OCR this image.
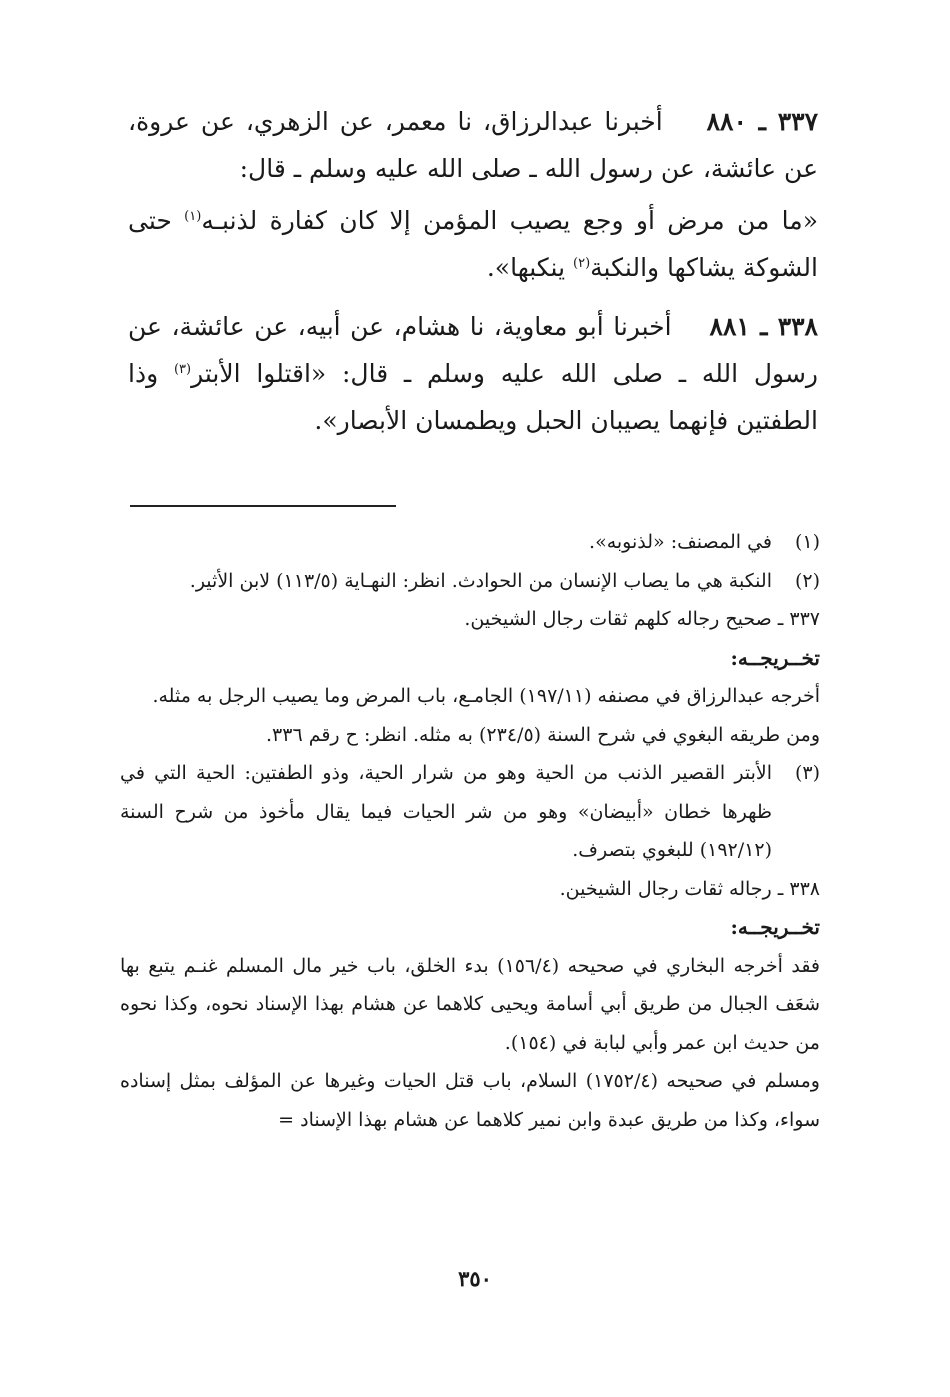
٣٣٧ ـ ٨٨٠    أخبرنا عبدالرزاق، نا معمر، عن الزهري، عن عروة، عن عائشة، عن رسول الله ـ صلى الله عليه وسلم ـ قال:

«ما من مرض أو وجع يصيب المؤمن إلا كان كفارة لذنبـه$^{(١)}$ حتى الشوكة يشاكها والنكبة$^{(٢)}$ ينكبها».

٣٣٨ ـ ٨٨١    أخبرنا أبو معاوية، نا هشام، عن أبيه، عن عائشة، عن رسول الله ـ صلى الله عليه وسلم ـ قال: «اقتلوا الأبتر$^{(٣)}$ وذا الطفتين فإنهما يصيبان الحبل ويطمسان الأبصار».

(١)
في المصنف: «لذنوبه».
(٢)
النكبة هي ما يصاب الإنسان من الحوادث. انظر: النهـاية (١١٣/٥) لابن الأثير.
٣٣٧ ـ صحيح رجاله كلهم ثقات رجال الشيخين.
تخــريجــه:
أخرجه عبدالرزاق في مصنفه (١٩٧/١١) الجامـع، باب المرض وما يصيب الرجل به مثله.
ومن طريقه البغوي في شرح السنة (٢٣٤/٥) به مثله. انظر: ح رقم ٣٣٦.
(٣)
الأبتر القصير الذنب من الحية وهو من شرار الحية، وذو الطفتين: الحية التي في ظهرها خطان «أبيضان» وهو من شر الحيات فيما يقال مأخوذ من شرح السنة (١٩٢/١٢) للبغوي بتصرف.
٣٣٨ ـ رجاله ثقات رجال الشيخين.
تخــريجــه:
فقد أخرجه البخاري في صحيحه (١٥٦/٤) بدء الخلق، باب خير مال المسلم غنـم يتبع بها شعَف الجبال من طريق أبي أسامة ويحيى كلاهما عن هشام بهذا الإسناد نحوه، وكذا نحوه من حديث ابن عمر وأبي لبابة في (١٥٤).
ومسلم في صحيحه (١٧٥٢/٤) السلام، باب قتل الحيات وغيرها عن المؤلف بمثل إسناده سواء، وكذا من طريق عبدة وابن نمير كلاهما عن هشام بهذا الإسناد =
٣٥٠
